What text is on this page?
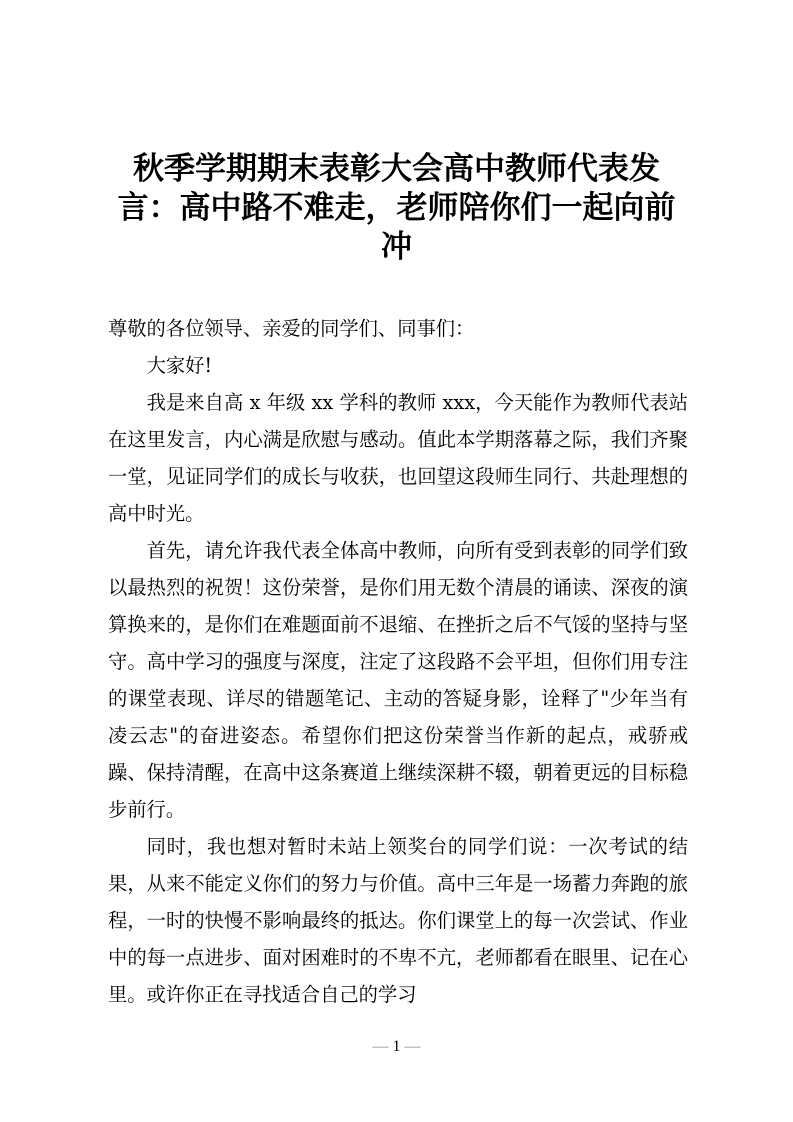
秋季学期期末表彰大会高中教师代表发言：高中路不难走，老师陪你们一起向前冲

尊敬的各位领导、亲爱的同学们、同事们：

大家好!

我是来自高 x 年级 xx 学科的教师 xxx，今天能作为教师代表站在这里发言，内心满是欣慰与感动。值此本学期落幕之际，我们齐聚一堂，见证同学们的成长与收获，也回望这段师生同行、共赴理想的高中时光。

首先，请允许我代表全体高中教师，向所有受到表彰的同学们致以最热烈的祝贺！这份荣誉，是你们用无数个清晨的诵读、深夜的演算换来的，是你们在难题面前不退缩、在挫折之后不气馁的坚持与坚守。高中学习的强度与深度，注定了这段路不会平坦，但你们用专注的课堂表现、详尽的错题笔记、主动的答疑身影，诠释了"少年当有凌云志"的奋进姿态。希望你们把这份荣誉当作新的起点，戒骄戒躁、保持清醒，在高中这条赛道上继续深耕不辍，朝着更远的目标稳步前行。

同时，我也想对暂时未站上领奖台的同学们说：一次考试的结果，从来不能定义你们的努力与价值。高中三年是一场蓄力奔跑的旅程，一时的快慢不影响最终的抵达。你们课堂上的每一次尝试、作业中的每一点进步、面对困难时的不卑不亢，老师都看在眼里、记在心里。或许你正在寻找适合自己的学习

— 1 —
